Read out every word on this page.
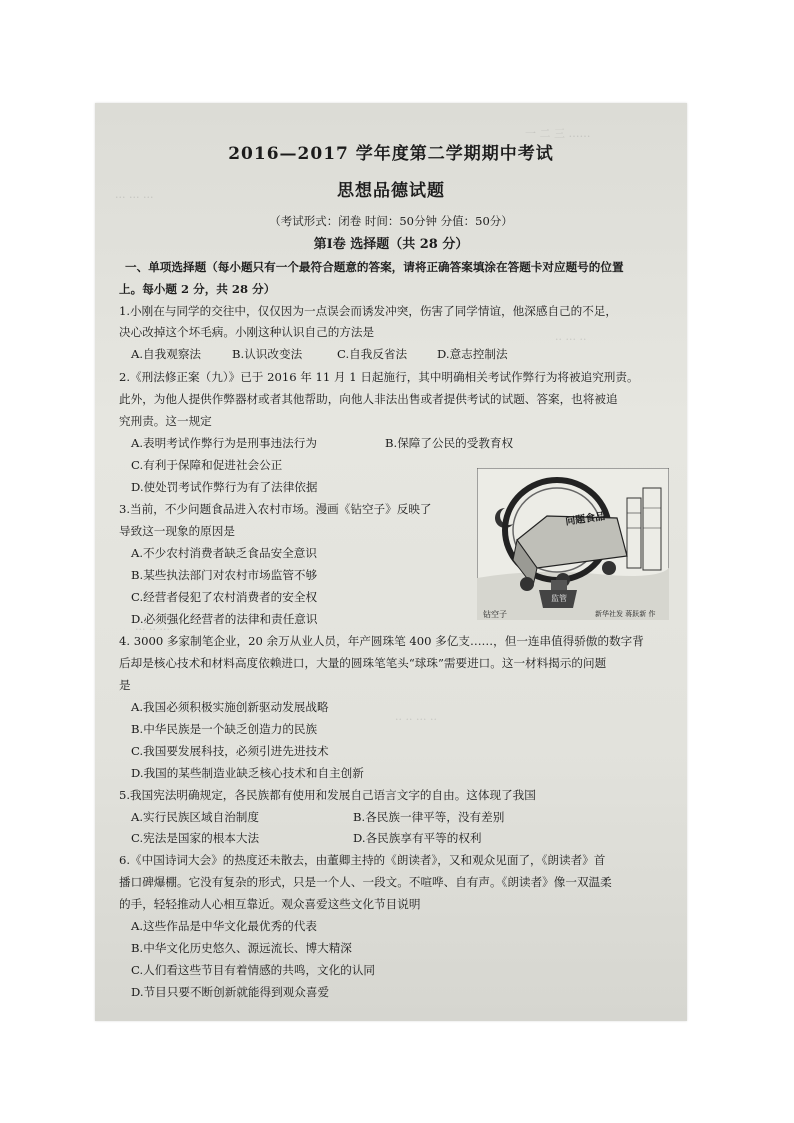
一 二 三 ……
··· ··· ···
·· ··· ··
··· ·· ···
·· ·· ··· ··
2016—2017 学年度第二学期期中考试
思想品德试题
（考试形式：闭卷 时间：50分钟 分值：50分）
第Ⅰ卷 选择题（共 28 分）
一、单项选择题（每小题只有一个最符合题意的答案，请将正确答案填涂在答题卡对应题号的位置
上。每小题 2 分，共 28 分）
1.小刚在与同学的交往中，仅仅因为一点误会而诱发冲突，伤害了同学情谊，他深感自己的不足，
决心改掉这个坏毛病。小刚这种认识自己的方法是
A.自我观察法	B.认识改变法	C.自我反省法	D.意志控制法
2.《刑法修正案（九）》已于 2016 年 11 月 1 日起施行，其中明确相关考试作弊行为将被追究刑责。
此外，为他人提供作弊器材或者其他帮助，向他人非法出售或者提供考试的试题、答案，也将被追
究刑责。这一规定
A.表明考试作弊行为是刑事违法行为	B.保障了公民的受教育权
C.有利于保障和促进社会公正
D.使处罚考试作弊行为有了法律依据
3.当前，不少问题食品进入农村市场。漫画《钻空子》反映了
导致这一现象的原因是
A.不少农村消费者缺乏食品安全意识
B.某些执法部门对农村市场监管不够
C.经营者侵犯了农村消费者的安全权
D.必须强化经营者的法律和责任意识
问题食品
监管
钻空子	新华社发 蒋跃新 作
4. 3000 多家制笔企业，20 余万从业人员，年产圆珠笔 400 多亿支……，但一连串值得骄傲的数字背
后却是核心技术和材料高度依赖进口，大量的圆珠笔笔头“球珠”需要进口。这一材料揭示的问题
是
A.我国必须积极实施创新驱动发展战略
B.中华民族是一个缺乏创造力的民族
C.我国要发展科技，必须引进先进技术
D.我国的某些制造业缺乏核心技术和自主创新
5.我国宪法明确规定，各民族都有使用和发展自己语言文字的自由。这体现了我国
A.实行民族区域自治制度	B.各民族一律平等，没有差别
C.宪法是国家的根本大法	D.各民族享有平等的权利
6.《中国诗词大会》的热度还未散去，由董卿主持的《朗读者》，又和观众见面了，《朗读者》首
播口碑爆棚。它没有复杂的形式，只是一个人、一段文。不喧哗、自有声。《朗读者》像一双温柔
的手，轻轻推动人心相互靠近。观众喜爱这些文化节目说明
A.这些作品是中华文化最优秀的代表
B.中华文化历史悠久、源远流长、博大精深
C.人们看这些节目有着情感的共鸣，文化的认同
D.节目只要不断创新就能得到观众喜爱
